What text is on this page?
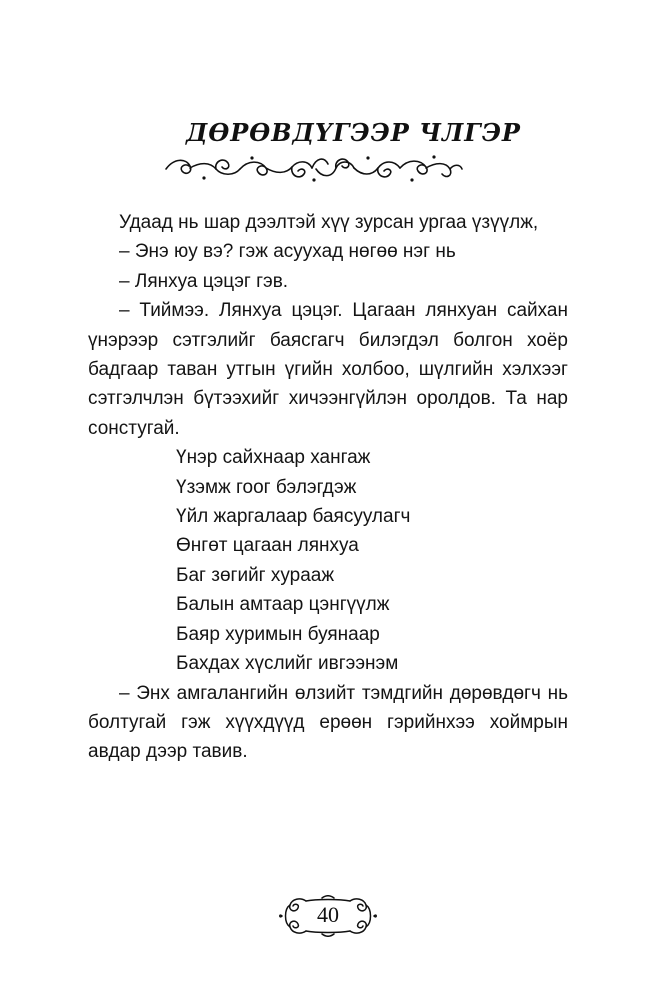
ДӨРӨВДҮГЭЭР ЧЛГЭР

Удаад нь шар дээлтэй хүү зурсан ургаа үзүүлж,

– Энэ юу вэ? гэж асуухад нөгөө нэг нь

– Лянхуа цэцэг гэв.

– Тиймээ. Лянхуа цэцэг. Цагаан лянхуан сайхан үнэрээр сэтгэлийг баясгагч билэгдэл болгон хоёр бадгаар таван утгын үгийн холбоо, шүлгийн хэлхээг сэтгэлчлэн бүтээхийг хичээнгүйлэн оролдов. Та нар сонстугай.

Үнэр сайхнаар хангаж
Үзэмж гоог бэлэгдэж
Үйл жаргалаар баясуулагч
Өнгөт цагаан лянхуа
Баг зөгийг хурааж
Балын амтаар цэнгүүлж
Баяр хуримын буянаар
Бахдах хүслийг ивгээнэм

– Энх амгалангийн өлзийт тэмдгийн дөрөвдөгч нь болтугай гэж хүүхдүүд ерөөн гэрийнхээ хоймрын авдар дээр тавив.

40
